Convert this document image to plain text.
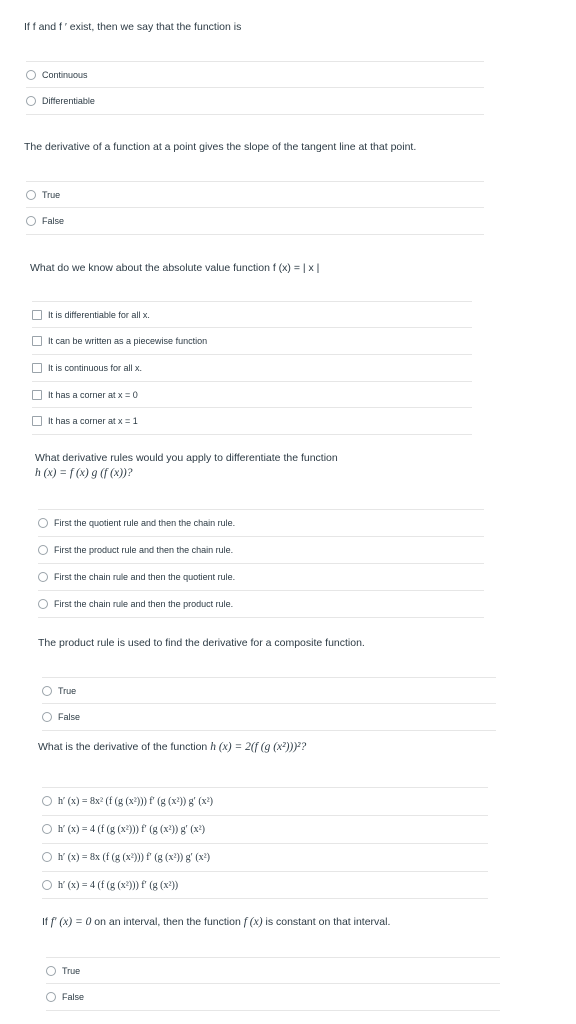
If f and f ′ exist, then we say that the function is
Continuous
Differentiable
The derivative of a function at a point gives the slope of the tangent line at that point.
True
False
What do we know about the absolute value function f (x) = | x |
It is differentiable for all x.
It can be written as a piecewise function
It is continuous for all x.
It has a corner at x = 0
It has a corner at x = 1
What derivative rules would you apply to differentiate the function
h (x) = f (x) g (f (x))?
First the quotient rule and then the chain rule.
First the product rule and then the chain rule.
First the chain rule and then the quotient rule.
First the chain rule and then the product rule.
The product rule is used to find the derivative for a composite function.
True
False
What is the derivative of the function h (x) = 2(f (g (x²)))²?
h′ (x) = 8x² (f (g (x²))) f′ (g (x²)) g′ (x²)
h′ (x) = 4 (f (g (x²))) f′ (g (x²)) g′ (x²)
h′ (x) = 8x (f (g (x²))) f′ (g (x²)) g′ (x²)
h′ (x) = 4 (f (g (x²))) f′ (g (x²))
If f′ (x) = 0 on an interval, then the function f (x) is constant on that interval.
True
False
